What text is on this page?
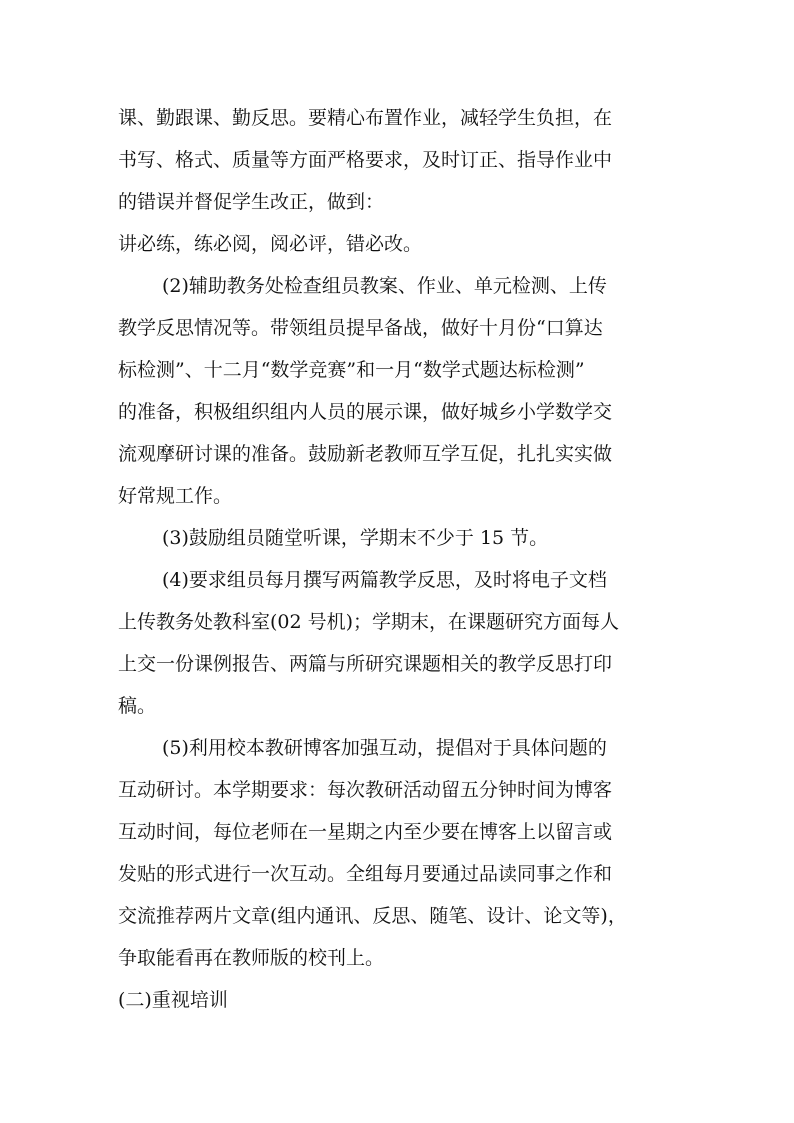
课、勤跟课、勤反思。要精心布置作业，减轻学生负担，在
书写、格式、质量等方面严格要求，及时订正、指导作业中
的错误并督促学生改正，做到：
讲必练，练必阅，阅必评，错必改。
(2)辅助教务处检查组员教案、作业、单元检测、上传
教学反思情况等。带领组员提早备战，做好十月份“口算达
标检测”、十二月“数学竞赛”和一月“数学式题达标检测”
的准备，积极组织组内人员的展示课，做好城乡小学数学交
流观摩研讨课的准备。鼓励新老教师互学互促，扎扎实实做
好常规工作。
(3)鼓励组员随堂听课，学期末不少于 15 节。
(4)要求组员每月撰写两篇教学反思，及时将电子文档
上传教务处教科室(02 号机)；学期末，在课题研究方面每人
上交一份课例报告、两篇与所研究课题相关的教学反思打印
稿。
(5)利用校本教研博客加强互动，提倡对于具体问题的
互动研讨。本学期要求：每次教研活动留五分钟时间为博客
互动时间，每位老师在一星期之内至少要在博客上以留言或
发贴的形式进行一次互动。全组每月要通过品读同事之作和
交流推荐两片文章(组内通讯、反思、随笔、设计、论文等)，
争取能看再在教师版的校刊上。
(二)重视培训
